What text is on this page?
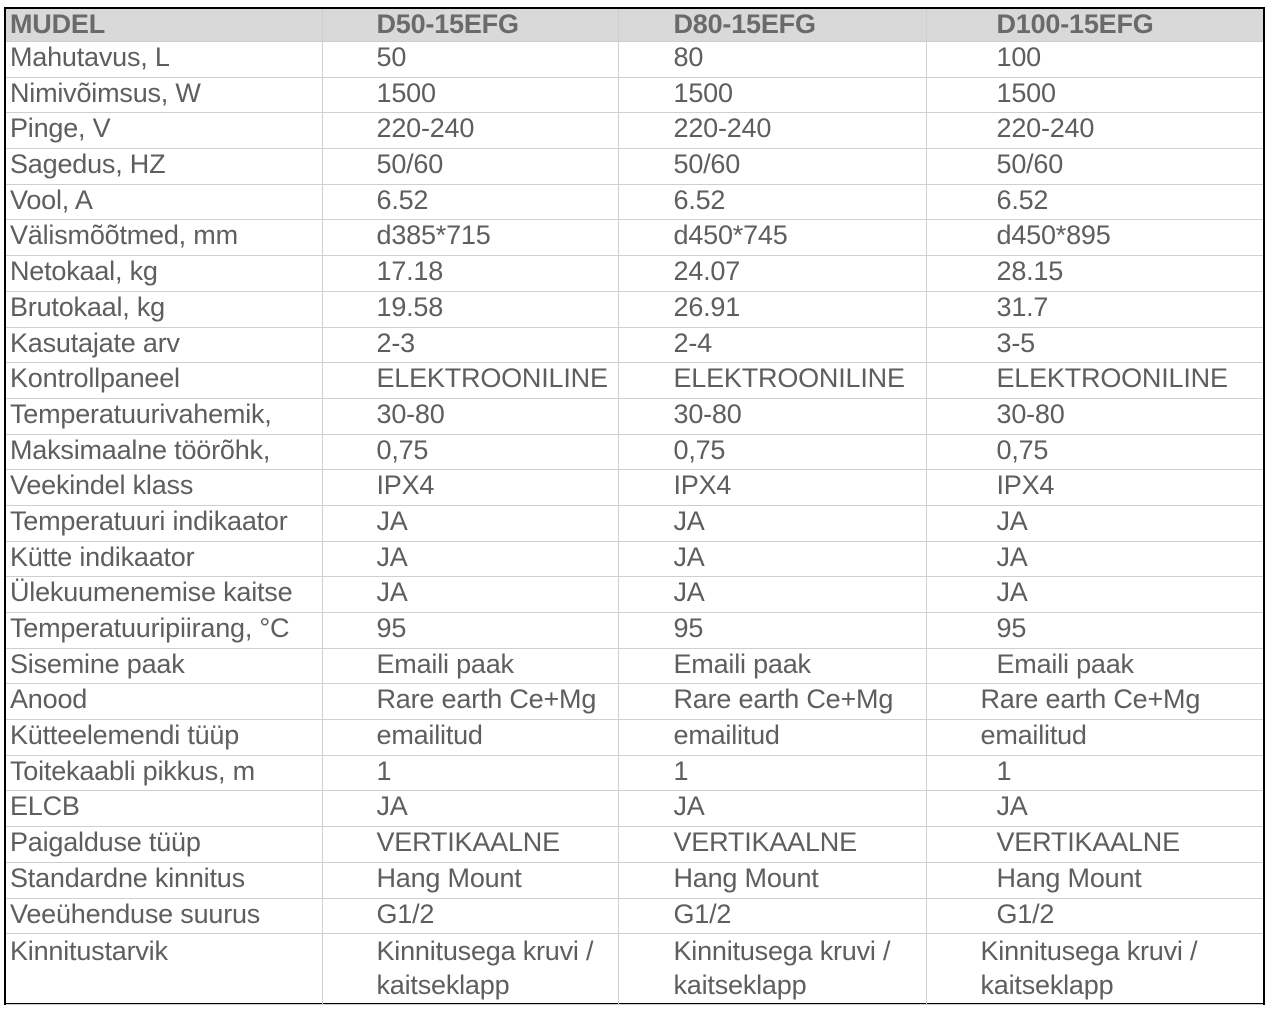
MUDEL	D50-15EFG	D80-15EFG	D100-15EFG
Mahutavus, L	50	80	100
Nimivõimsus, W	1500	1500	1500
Pinge, V	220-240	220-240	220-240
Sagedus, HZ	50/60	50/60	50/60
Vool, A	6.52	6.52	6.52
Välismõõtmed, mm	d385*715	d450*745	d450*895
Netokaal, kg	17.18	24.07	28.15
Brutokaal, kg	19.58	26.91	31.7
Kasutajate arv	2-3	2-4	3-5
Kontrollpaneel	ELEKTROONILINE	ELEKTROONILINE	ELEKTROONILINE
Temperatuurivahemik,	30-80	30-80	30-80
Maksimaalne töörõhk,	0,75	0,75	0,75
Veekindel klass	IPX4	IPX4	IPX4
Temperatuuri indikaator	JA	JA	JA
Kütte indikaator	JA	JA	JA
Ülekuumenemise kaitse	JA	JA	JA
Temperatuuripiirang, °C	95	95	95
Sisemine paak	Emaili paak	Emaili paak	Emaili paak
Anood	Rare earth Ce+Mg	Rare earth Ce+Mg	Rare earth Ce+Mg
Kütteelemendi tüüp	emailitud	emailitud	emailitud
Toitekaabli pikkus, m	1	1	1
ELCB	JA	JA	JA
Paigalduse tüüp	VERTIKAALNE	VERTIKAALNE	VERTIKAALNE
Standardne kinnitus	Hang Mount	Hang Mount	Hang Mount
Veeühenduse suurus	G1/2	G1/2	G1/2
Kinnitustarvik	Kinnitusega kruvi / kaitseklapp	Kinnitusega kruvi / kaitseklapp	Kinnitusega kruvi / kaitseklapp
